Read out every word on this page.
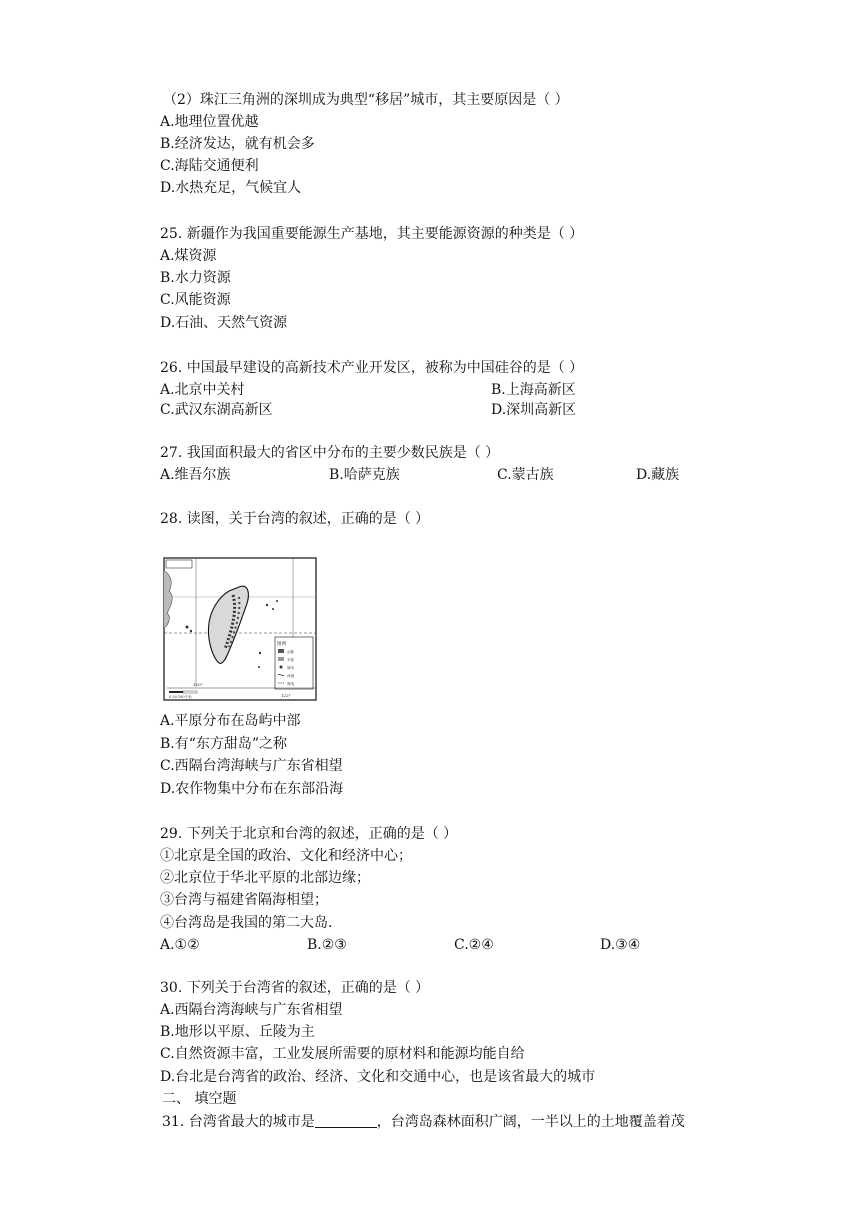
（2）珠江三角洲的深圳成为典型“移居”城市，其主要原因是（ ）
A.地理位置优越
B.经济发达，就有机会多
C.海陆交通便利
D.水热充足，气候宜人
25. 新疆作为我国重要能源生产基地，其主要能源资源的种类是（ ）
A.煤资源
B.水力资源
C.风能资源
D.石油、天然气资源
26. 中国最早建设的高新技术产业开发区，被称为中国硅谷的是（ ）
A.北京中关村	B.上海高新区
C.武汉东湖高新区	D.深圳高新区
27. 我国面积最大的省区中分布的主要少数民族是（ ）
A.维吾尔族	B.哈萨克族	C.蒙古族	D.藏族
28. 读图，关于台湾的叙述，正确的是（ ）
图例
山脉
平原
城市
河流
界线
120°
122°
0 50 100千米
A.平原分布在岛屿中部
B.有“东方甜岛”之称
C.西隔台湾海峡与广东省相望
D.农作物集中分布在东部沿海
29. 下列关于北京和台湾的叙述，正确的是（ ）
①北京是全国的政治、文化和经济中心；
②北京位于华北平原的北部边缘；
③台湾与福建省隔海相望；
④台湾岛是我国的第二大岛.
A.①②	B.②③	C.②④	D.③④
30. 下列关于台湾省的叙述，正确的是（ ）
A.西隔台湾海峡与广东省相望
B.地形以平原、丘陵为主
C.自然资源丰富，工业发展所需要的原材料和能源均能自给
D.台北是台湾省的政治、经济、文化和交通中心，也是该省最大的城市
二、 填空题
31. 台湾省最大的城市是	，台湾岛森林面积广阔，一半以上的土地覆盖着茂
